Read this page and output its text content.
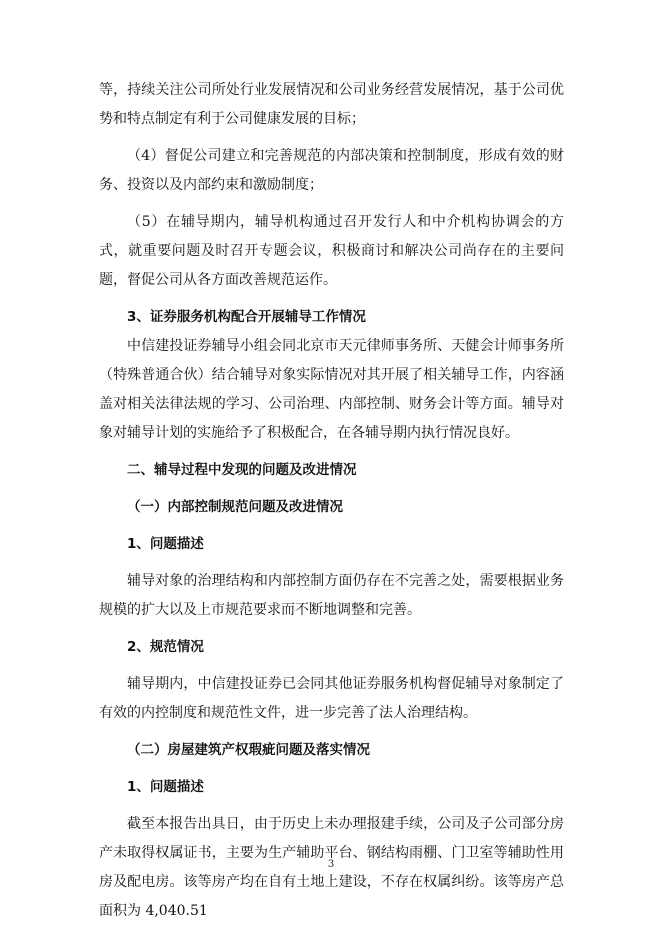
等，持续关注公司所处行业发展情况和公司业务经营发展情况，基于公司优势和特点制定有利于公司健康发展的目标；

（4）督促公司建立和完善规范的内部决策和控制制度，形成有效的财务、投资以及内部约束和激励制度；

（5）在辅导期内，辅导机构通过召开发行人和中介机构协调会的方式，就重要问题及时召开专题会议，积极商讨和解决公司尚存在的主要问题，督促公司从各方面改善规范运作。

3、证券服务机构配合开展辅导工作情况

中信建投证券辅导小组会同北京市天元律师事务所、天健会计师事务所（特殊普通合伙）结合辅导对象实际情况对其开展了相关辅导工作，内容涵盖对相关法律法规的学习、公司治理、内部控制、财务会计等方面。辅导对象对辅导计划的实施给予了积极配合，在各辅导期内执行情况良好。

二、辅导过程中发现的问题及改进情况

（一）内部控制规范问题及改进情况

1、问题描述

辅导对象的治理结构和内部控制方面仍存在不完善之处，需要根据业务规模的扩大以及上市规范要求而不断地调整和完善。

2、规范情况

辅导期内，中信建投证券已会同其他证券服务机构督促辅导对象制定了有效的内控制度和规范性文件，进一步完善了法人治理结构。

（二）房屋建筑产权瑕疵问题及落实情况

1、问题描述

截至本报告出具日，由于历史上未办理报建手续，公司及子公司部分房产未取得权属证书，主要为生产辅助平台、钢结构雨棚、门卫室等辅助性用房及配电房。该等房产均在自有土地上建设，不存在权属纠纷。该等房产总面积为 4,040.51

3
